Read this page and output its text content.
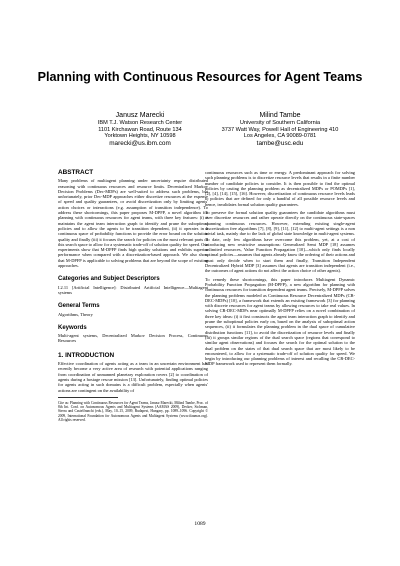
Planning with Continuous Resources for Agent Teams
Janusz Marecki
IBM T.J. Watson Research Center
1101 Kirchawan Road, Route 134
Yorktown Heights, NY 10598
marecki@us.ibm.com
Milind Tambe
University of Southern California
3737 Watt Way, Powell Hall of Engineering 410
Los Angeles, CA 90089-0781
tambe@usc.edu
ABSTRACT

Many problems of multiagent planning under uncertainty require distributed reasoning with continuous resources and resource limits. Decentralized Markov Decision Problems (Dec-MDPs) are well-suited to address such problems, but unfortunately, prior Dec-MDP approaches either discretize resources at the expense of speed and quality guarantees, or avoid discretization only by limiting agents' action choices or interactions (e.g. assumption of transition independence). To address these shortcomings, this paper proposes M-DPFP, a novel algorithm for planning with continuous resources for agent teams, with three key features: (i) it maintains the agent team interaction graph to identify and prune the suboptimal policies and to allow the agents to be transition dependent, (ii) it operates in a continuous space of probability functions to provide the error bound on the solution quality and finally (iii) it focuses the search for policies on the most relevant parts of this search space to allow for a systematic trade-off of solution quality for speed. Our experiments show that M-DPFP finds high quality solutions and exhibits superior performance when compared with a discretization-based approach. We also show that M-DPFP is applicable to solving problems that are beyond the scope of existing approaches.

Categories and Subject Descriptors

I.2.11 [Artificial Intelligence]: Distributed Artificial Intelligence—Multiagent systems

General Terms

Algorithms, Theory

Keywords

Multi-agent systems, Decentralized Markov Decision Process, Continuous Resources

1. INTRODUCTION

Effective coordination of agents acting as a team in an uncertain environment has recently become a very active area of research with potential applications ranging from coordination of unmanned planetary exploration rovers [2] to coordination of agents during a hostage rescue mission [13]. Unfortunately, finding optimal policies for agents acting in such domains is a difficult problem, especially when agents' actions are contingent on the availability of

Cite as: Planning with Continuous Resources for Agent Teams, Janusz Marecki, Milind Tambe, Proc. of 8th Int. Conf. on Autonomous Agents and Multiagent Systems (AAMAS 2009), Decker, Sichman, Sierra and Castelfranchi (eds.), May, 10–15, 2009, Budapest, Hungary, pp. 1089–1096. Copyright © 2009, International Foundation for Autonomous Agents and Multiagent Systems (www.ifaamas.org). All rights reserved.

continuous resources such as time or energy. A predominant approach for solving such planning problems is to discretize resource levels that results in a finite number number of candidate policies to consider. It is then possible to find the optimal policies by casting the planning problem as decentralized MDPs or POMDPs [1], [2], [4], [14], [15], [16]. However, discretization of continuous resource levels leads to policies that are defined for only a handful of all possible resource levels and hence, invalidates formal solution quality guarantees.

To preserve the formal solution quality guarantees the candidate algorithms must over discretize resources and rather operate directly on the continuous state-spaces spanning continuous resources. However, extending existing single-agent discretization free algorithms [7], [8], [9], [11], [12] to multi-agent settings is a non trivial task, mainly due to the lack of global state knowledge in multi-agent systems. To date, only few algorithms have overcome this problem, yet, at a cost of introducing new restrictive assumptions: Generalized Semi MDP [18] assumes unlimited resources, Value Function Propagation [10]—which only finds locally optimal policies—assumes that agents already know the ordering of their actions and must only decide when to start them and finally, Transition Independent Decentralized Hybrid MDP [3] assumes that agents are transition independent (i.e., the outcomes of agent actions do not affect the action choice of other agents).

To remedy these shortcomings, this paper introduces Multiagent Dynamic Probability Function Propagation (M-DPFP), a new algorithm for planning with continuous resources for transition dependent agent teams. Precisely, M-DPFP solves the planning problems modeled as Continuous Resource Decentralized MDPs (CR-DEC-MDPs) [10], a framework that extends an existing framework [3] for planning with discrete resources for agent teams by allowing resources to take real values. In solving CR-DEC-MDPs near optimally M-DPFP relies on a novel combination of three key ideas: (i) it first constructs the agent team interaction graph to identify and prune the suboptimal policies early on, based on the analysis of suboptimal action sequences, (ii) it formulates the planning problem in the dual space of cumulative distribution functions [11], to avoid the discretization of resource levels and finally (iii) it groups similar regions of the dual search space (regions that correspond to similar agent observations) and focuses the search for the optimal solution to the dual problem on the states of that dual search space that are most likely to be encountered, to allow for a systematic trade-off of solution quality for speed. We begin by introducing our planning problems of interest and recalling the CR-DEC-MDP framework used to represent them formally.

1089
